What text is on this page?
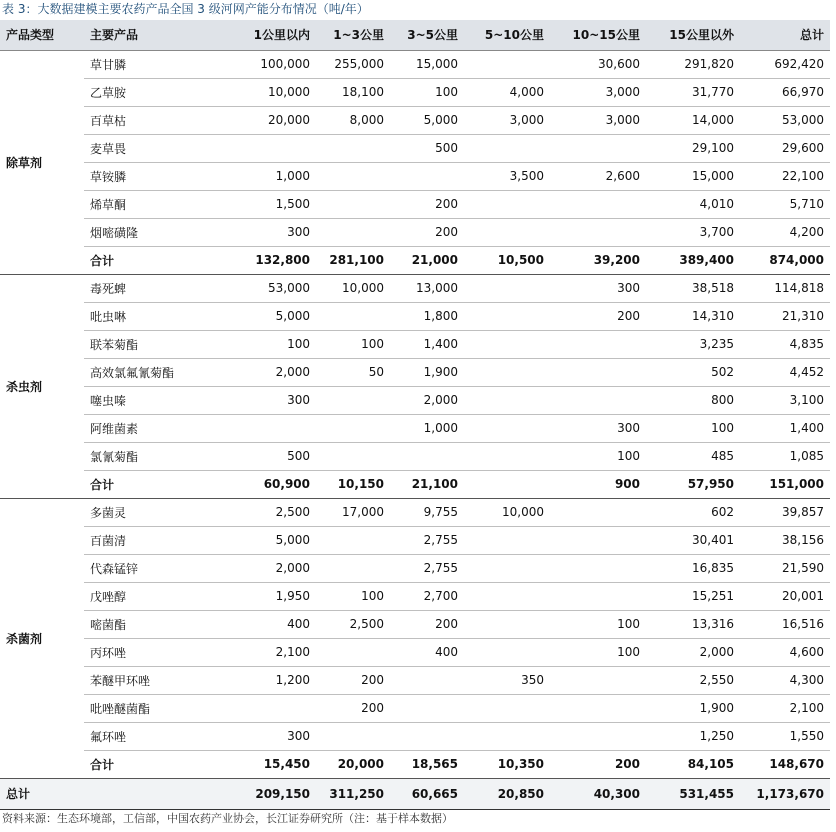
表 3：大数据建模主要农药产品全国 3 级河网产能分布情况（吨/年）
产品类型	主要产品	1公里以内	1~3公里	3~5公里	5~10公里	10~15公里	15公里以外	总计
除草剂	草甘膦	100,000	255,000	15,000		30,600	291,820	692,420
	乙草胺	10,000	18,100	100	4,000	3,000	31,770	66,970
	百草枯	20,000	8,000	5,000	3,000	3,000	14,000	53,000
	麦草畏			500			29,100	29,600
	草铵膦	1,000			3,500	2,600	15,000	22,100
	烯草酮	1,500		200			4,010	5,710
	烟嘧磺隆	300		200			3,700	4,200
	合计	132,800	281,100	21,000	10,500	39,200	389,400	874,000
杀虫剂	毒死蜱	53,000	10,000	13,000		300	38,518	114,818
	吡虫啉	5,000		1,800		200	14,310	21,310
	联苯菊酯	100	100	1,400			3,235	4,835
	高效氯氟氰菊酯	2,000	50	1,900			502	4,452
	噻虫嗪	300		2,000			800	3,100
	阿维菌素			1,000		300	100	1,400
	氯氰菊酯	500				100	485	1,085
	合计	60,900	10,150	21,100		900	57,950	151,000
杀菌剂	多菌灵	2,500	17,000	9,755	10,000		602	39,857
	百菌清	5,000		2,755			30,401	38,156
	代森锰锌	2,000		2,755			16,835	21,590
	戊唑醇	1,950	100	2,700			15,251	20,001
	嘧菌酯	400	2,500	200		100	13,316	16,516
	丙环唑	2,100		400		100	2,000	4,600
	苯醚甲环唑	1,200	200		350		2,550	4,300
	吡唑醚菌酯		200				1,900	2,100
	氟环唑	300					1,250	1,550
	合计	15,450	20,000	18,565	10,350	200	84,105	148,670
总计		209,150	311,250	60,665	20,850	40,300	531,455	1,173,670
资料来源：生态环境部，工信部，中国农药产业协会，长江证券研究所（注：基于样本数据）
